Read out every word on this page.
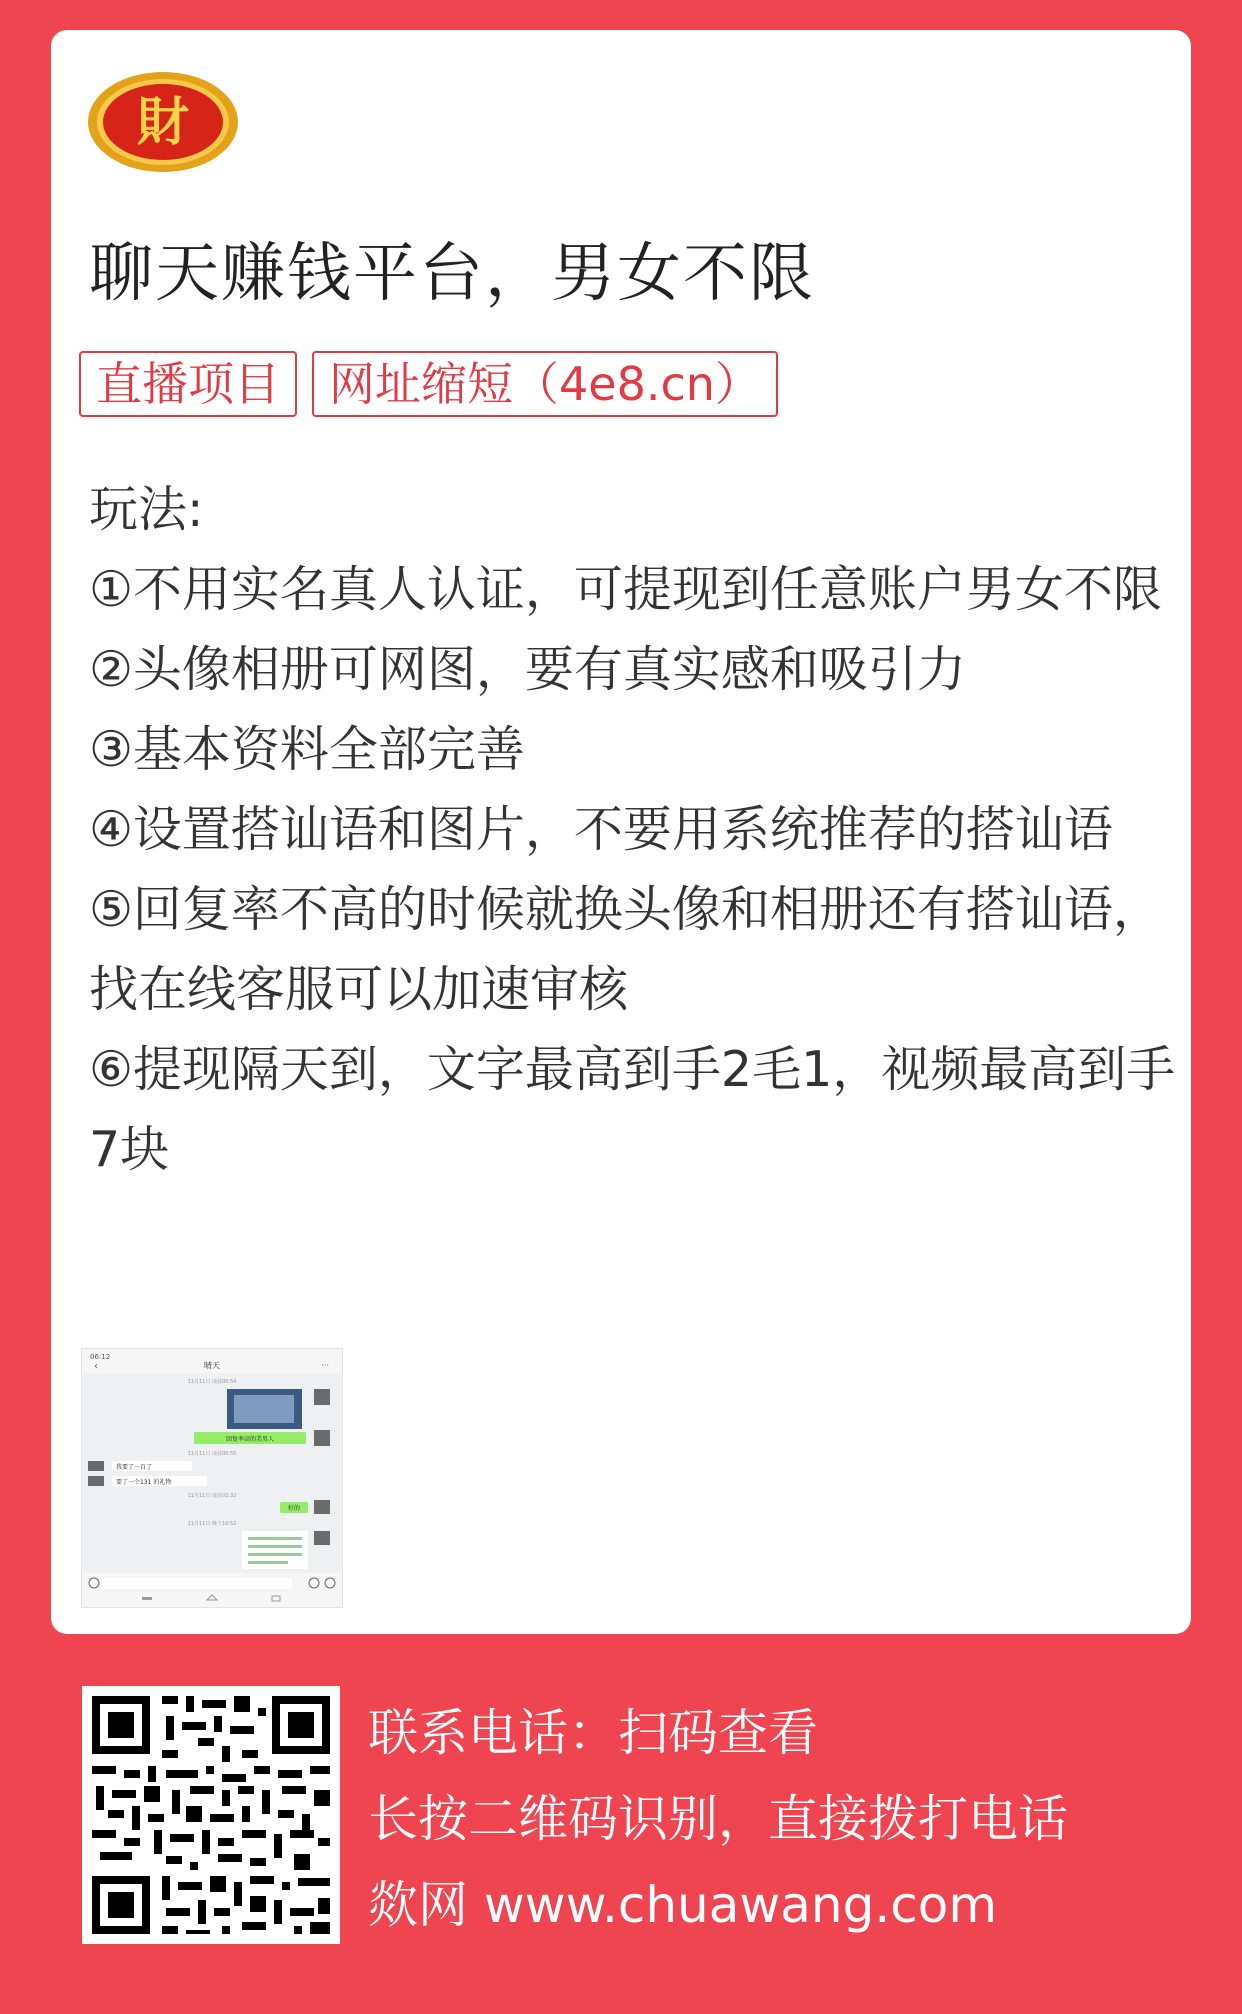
財
聊天赚钱平台，男女不限
直播项目	网址缩短（4e8.cn）

玩法:

①不用实名真人认证，可提现到任意账户男女不限

②头像相册可网图，要有真实感和吸引力

③基本资料全部完善

④设置搭讪语和图片，不要用系统推荐的搭讪语

⑤回复率不高的时候就换头像和相册还有搭讪语，找在线客服可以加速审核

⑥提现隔天到，文字最高到手2毛1，视频最高到手7块

06:12
‹	晴天	···
11月11日 凌晨00:54
回复率高的美男人
11月11日 凌晨00:55
我要了一百了
要了一个131 的礼物
11月11日 凌晨02:32
好的
11月11日 晚上10:52
联系电话：扫码查看
长按二维码识别，直接拨打电话
欻网 www.chuawang.com
